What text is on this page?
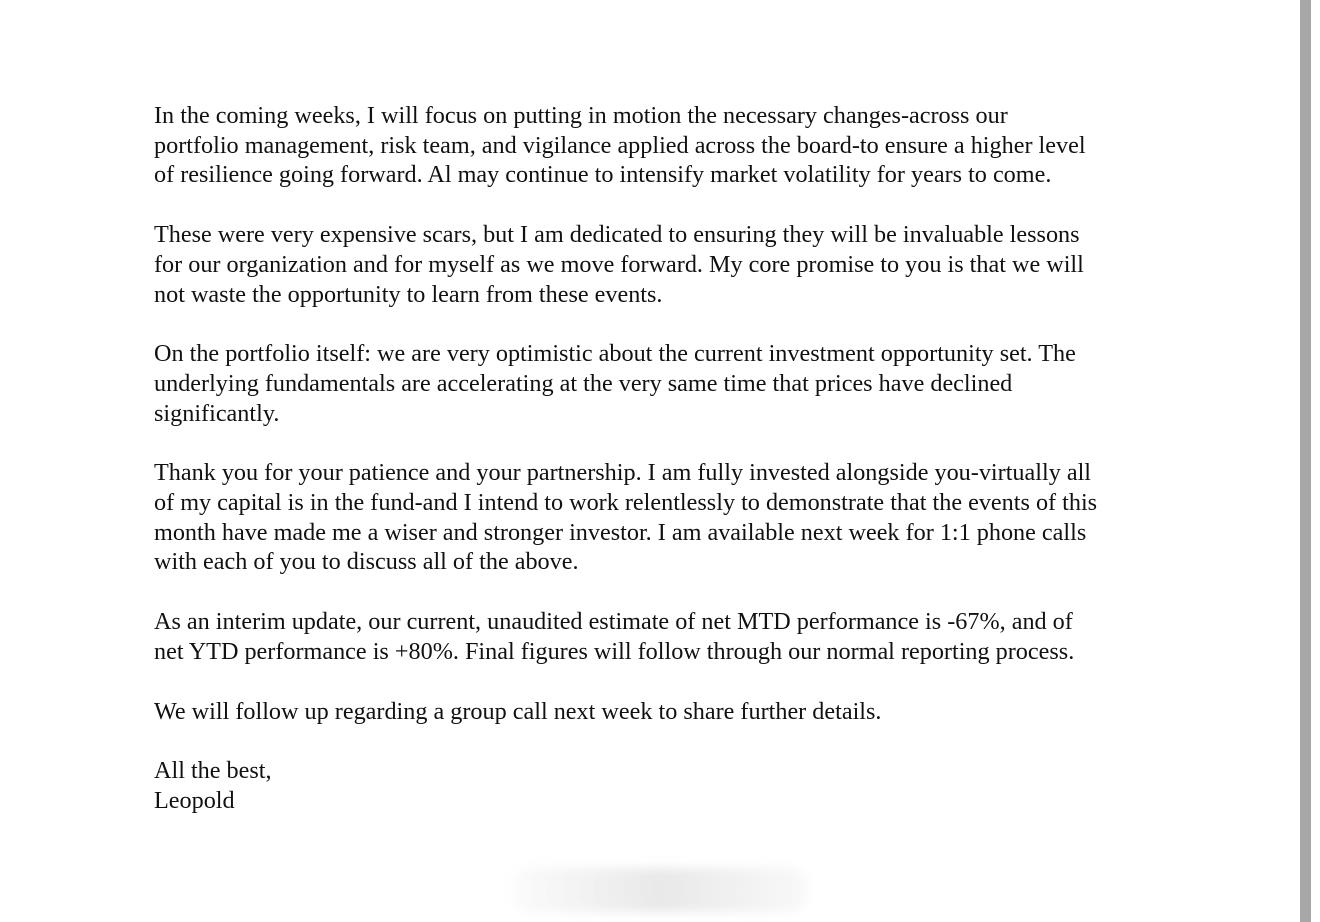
In the coming weeks, I will focus on putting in motion the necessary changes-across our
portfolio management, risk team, and vigilance applied across the board-to ensure a higher level
of resilience going forward. Al may continue to intensify market volatility for years to come.

These were very expensive scars, but I am dedicated to ensuring they will be invaluable lessons
for our organization and for myself as we move forward. My core promise to you is that we will
not waste the opportunity to learn from these events.

On the portfolio itself: we are very optimistic about the current investment opportunity set. The
underlying fundamentals are accelerating at the very same time that prices have declined
significantly.

Thank you for your patience and your partnership. I am fully invested alongside you-virtually all
of my capital is in the fund-and I intend to work relentlessly to demonstrate that the events of this
month have made me a wiser and stronger investor. I am available next week for 1:1 phone calls
with each of you to discuss all of the above.

As an interim update, our current, unaudited estimate of net MTD performance is -67%, and of
net YTD performance is +80%. Final figures will follow through our normal reporting process.

We will follow up regarding a group call next week to share further details.

All the best,

Leopold
